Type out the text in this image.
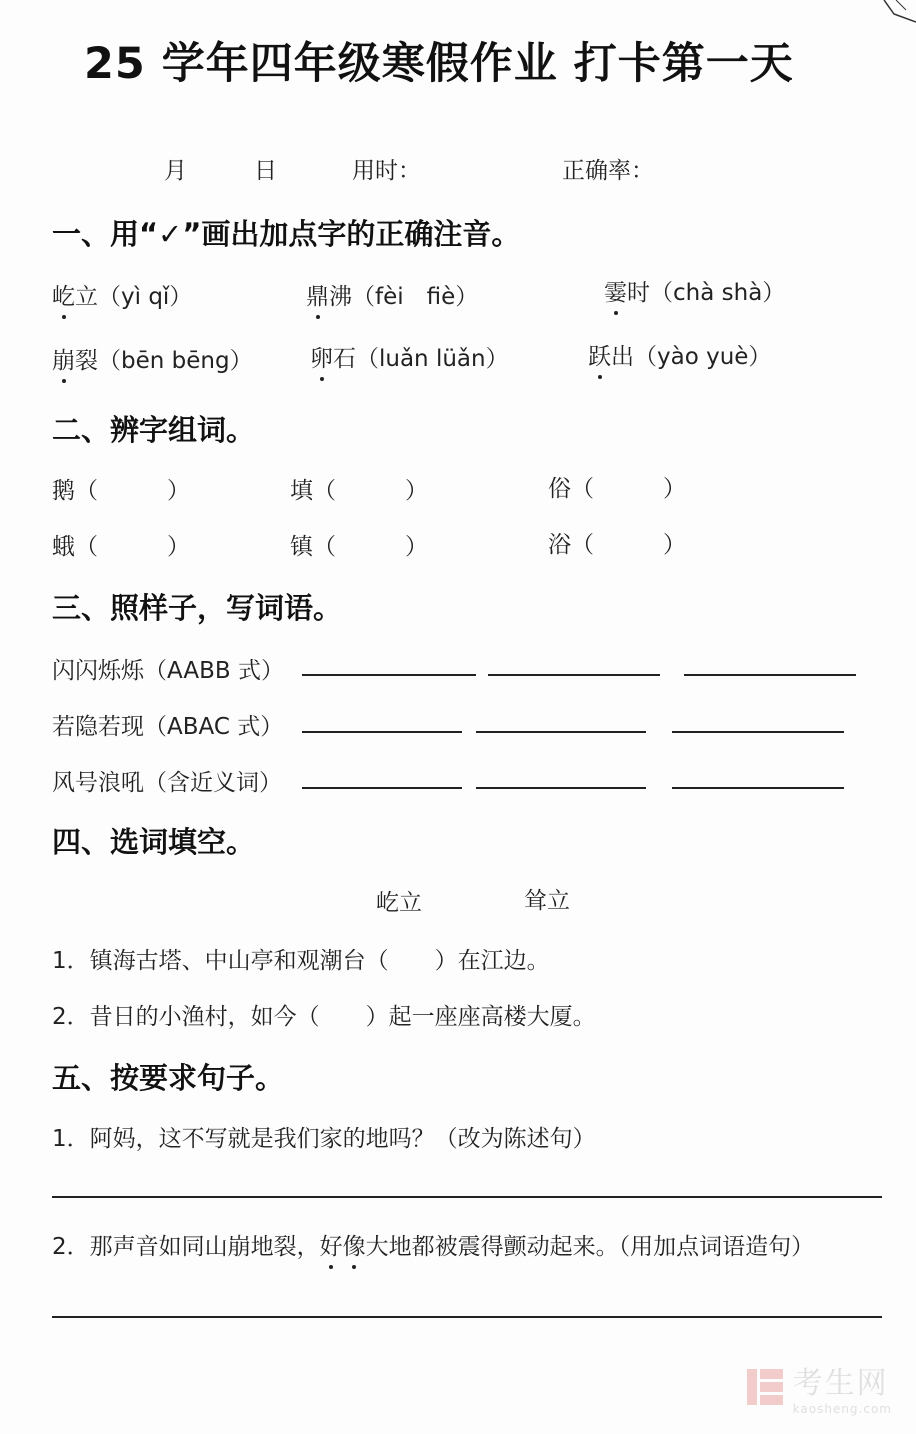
25 学年四年级寒假作业 打卡第一天
月	日	用时：	正确率：
一、用“✓”画出加点字的正确注音。
屹立（yì qǐ）	鼎沸（fèi　fiè）	霎时（chà shà）
崩裂（bēn bēng） 卵石（luǎn lüǎn）	跃出（yào yuè）
二、辨字组词。
鹅（　　　）	填（　　　）	俗（　　　）
蛾（　　　）	镇（　　　）	浴（　　　）
三、照样子，写词语。
闪闪烁烁（AABB 式）
若隐若现（ABAC 式）
风号浪吼（含近义词）
四、选词填空。
屹立	耸立
1．镇海古塔、中山亭和观潮台（　　）在江边。
2．昔日的小渔村，如今（　　）起一座座高楼大厦。
五、按要求句子。
1．阿妈，这不写就是我们家的地吗？（改为陈述句）
2．那声音如同山崩地裂，好像大地都被震得颤动起来。（用加点词语造句）
考生网
kaosheng.com
